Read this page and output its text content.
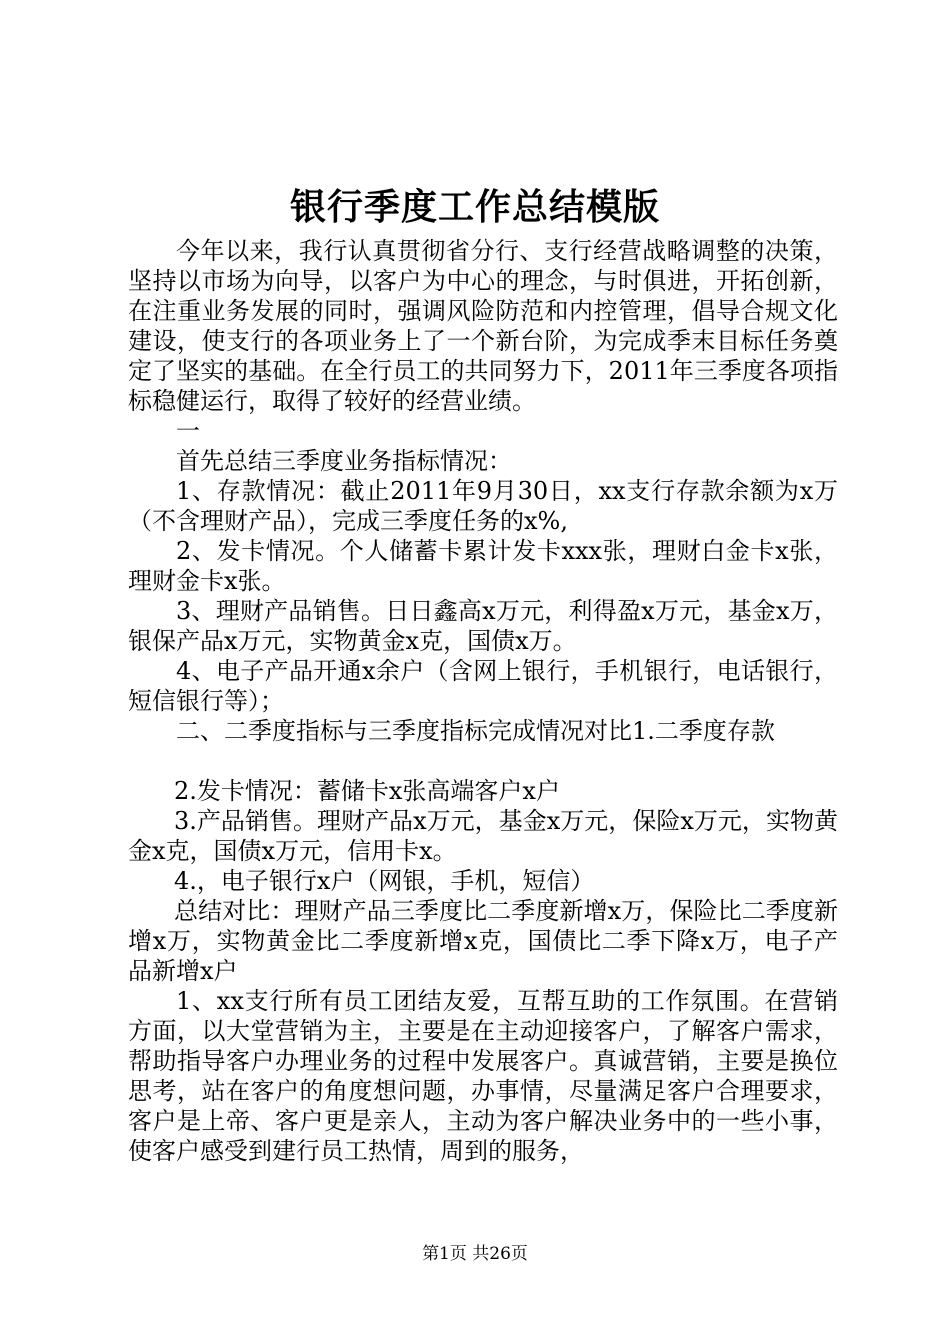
银行季度工作总结模版

今年以来，我行认真贯彻省分行、支行经营战略调整的决策，坚持以市场为向导，以客户为中心的理念，与时俱进，开拓创新，在注重业务发展的同时，强调风险防范和内控管理，倡导合规文化建设，使支行的各项业务上了一个新台阶，为完成季末目标任务奠定了坚实的基础。在全行员工的共同努力下，2011年三季度各项指标稳健运行，取得了较好的经营业绩。

一

首先总结三季度业务指标情况：

1、存款情况：截止2011年9月30日，xx支行存款余额为x万（不含理财产品），完成三季度任务的x%,

2、发卡情况。个人储蓄卡累计发卡xxx张，理财白金卡x张，理财金卡x张。

3、理财产品销售。日日鑫高x万元，利得盈x万元，基金x万，银保产品x万元，实物黄金x克，国债x万。

4、电子产品开通x余户（含网上银行，手机银行，电话银行，短信银行等）；

二、二季度指标与三季度指标完成情况对比1.二季度存款

2.发卡情况：蓄储卡x张高端客户x户

3.产品销售。理财产品x万元，基金x万元，保险x万元，实物黄金x克，国债x万元，信用卡x。

4.，电子银行x户（网银，手机，短信）

总结对比：理财产品三季度比二季度新增x万，保险比二季度新增x万，实物黄金比二季度新增x克，国债比二季下降x万，电子产品新增x户

1、xx支行所有员工团结友爱，互帮互助的工作氛围。在营销方面，以大堂营销为主，主要是在主动迎接客户，了解客户需求，帮助指导客户办理业务的过程中发展客户。真诚营销，主要是换位思考，站在客户的角度想问题，办事情，尽量满足客户合理要求，客户是上帝、客户更是亲人，主动为客户解决业务中的一些小事，使客户感受到建行员工热情，周到的服务，

第1页 共26页
